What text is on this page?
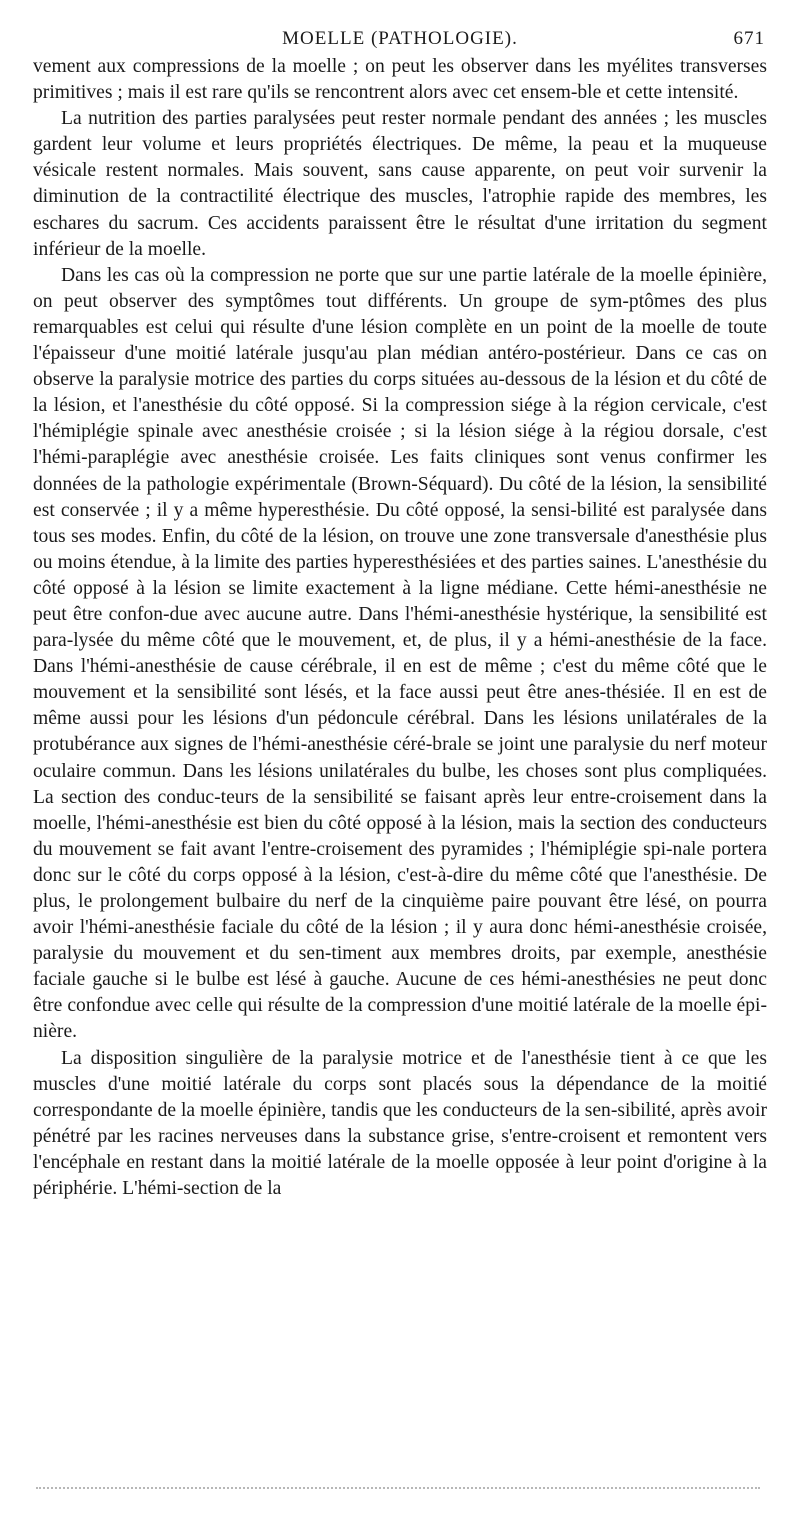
MOELLE (PATHOLOGIE).	671

vement aux compressions de la moelle ; on peut les observer dans les myélites transverses primitives ; mais il est rare qu'ils se rencontrent alors avec cet ensem-ble et cette intensité.

La nutrition des parties paralysées peut rester normale pendant des années ; les muscles gardent leur volume et leurs propriétés électriques. De même, la peau et la muqueuse vésicale restent normales. Mais souvent, sans cause apparente, on peut voir survenir la diminution de la contractilité électrique des muscles, l'atrophie rapide des membres, les eschares du sacrum. Ces accidents paraissent être le résultat d'une irritation du segment inférieur de la moelle.

Dans les cas où la compression ne porte que sur une partie latérale de la moelle épinière, on peut observer des symptômes tout différents. Un groupe de sym-ptômes des plus remarquables est celui qui résulte d'une lésion complète en un point de la moelle de toute l'épaisseur d'une moitié latérale jusqu'au plan médian antéro-postérieur. Dans ce cas on observe la paralysie motrice des parties du corps situées au-dessous de la lésion et du côté de la lésion, et l'anesthésie du côté opposé. Si la compression siége à la région cervicale, c'est l'hémiplégie spinale avec anesthésie croisée ; si la lésion siége à la régiou dorsale, c'est l'hémi-paraplégie avec anesthésie croisée. Les faits cliniques sont venus confirmer les données de la pathologie expérimentale (Brown-Séquard). Du côté de la lésion, la sensibilité est conservée ; il y a même hyperesthésie. Du côté opposé, la sensi-bilité est paralysée dans tous ses modes. Enfin, du côté de la lésion, on trouve une zone transversale d'anesthésie plus ou moins étendue, à la limite des parties hyperesthésiées et des parties saines. L'anesthésie du côté opposé à la lésion se limite exactement à la ligne médiane. Cette hémi-anesthésie ne peut être confon-due avec aucune autre. Dans l'hémi-anesthésie hystérique, la sensibilité est para-lysée du même côté que le mouvement, et, de plus, il y a hémi-anesthésie de la face. Dans l'hémi-anesthésie de cause cérébrale, il en est de même ; c'est du même côté que le mouvement et la sensibilité sont lésés, et la face aussi peut être anes-thésiée. Il en est de même aussi pour les lésions d'un pédoncule cérébral. Dans les lésions unilatérales de la protubérance aux signes de l'hémi-anesthésie céré-brale se joint une paralysie du nerf moteur oculaire commun. Dans les lésions unilatérales du bulbe, les choses sont plus compliquées. La section des conduc-teurs de la sensibilité se faisant après leur entre-croisement dans la moelle, l'hémi-anesthésie est bien du côté opposé à la lésion, mais la section des conducteurs du mouvement se fait avant l'entre-croisement des pyramides ; l'hémiplégie spi-nale portera donc sur le côté du corps opposé à la lésion, c'est-à-dire du même côté que l'anesthésie. De plus, le prolongement bulbaire du nerf de la cinquième paire pouvant être lésé, on pourra avoir l'hémi-anesthésie faciale du côté de la lésion ; il y aura donc hémi-anesthésie croisée, paralysie du mouvement et du sen-timent aux membres droits, par exemple, anesthésie faciale gauche si le bulbe est lésé à gauche. Aucune de ces hémi-anesthésies ne peut donc être confondue avec celle qui résulte de la compression d'une moitié latérale de la moelle épi-nière.

La disposition singulière de la paralysie motrice et de l'anesthésie tient à ce que les muscles d'une moitié latérale du corps sont placés sous la dépendance de la moitié correspondante de la moelle épinière, tandis que les conducteurs de la sen-sibilité, après avoir pénétré par les racines nerveuses dans la substance grise, s'entre-croisent et remontent vers l'encéphale en restant dans la moitié latérale de la moelle opposée à leur point d'origine à la périphérie. L'hémi-section de la
